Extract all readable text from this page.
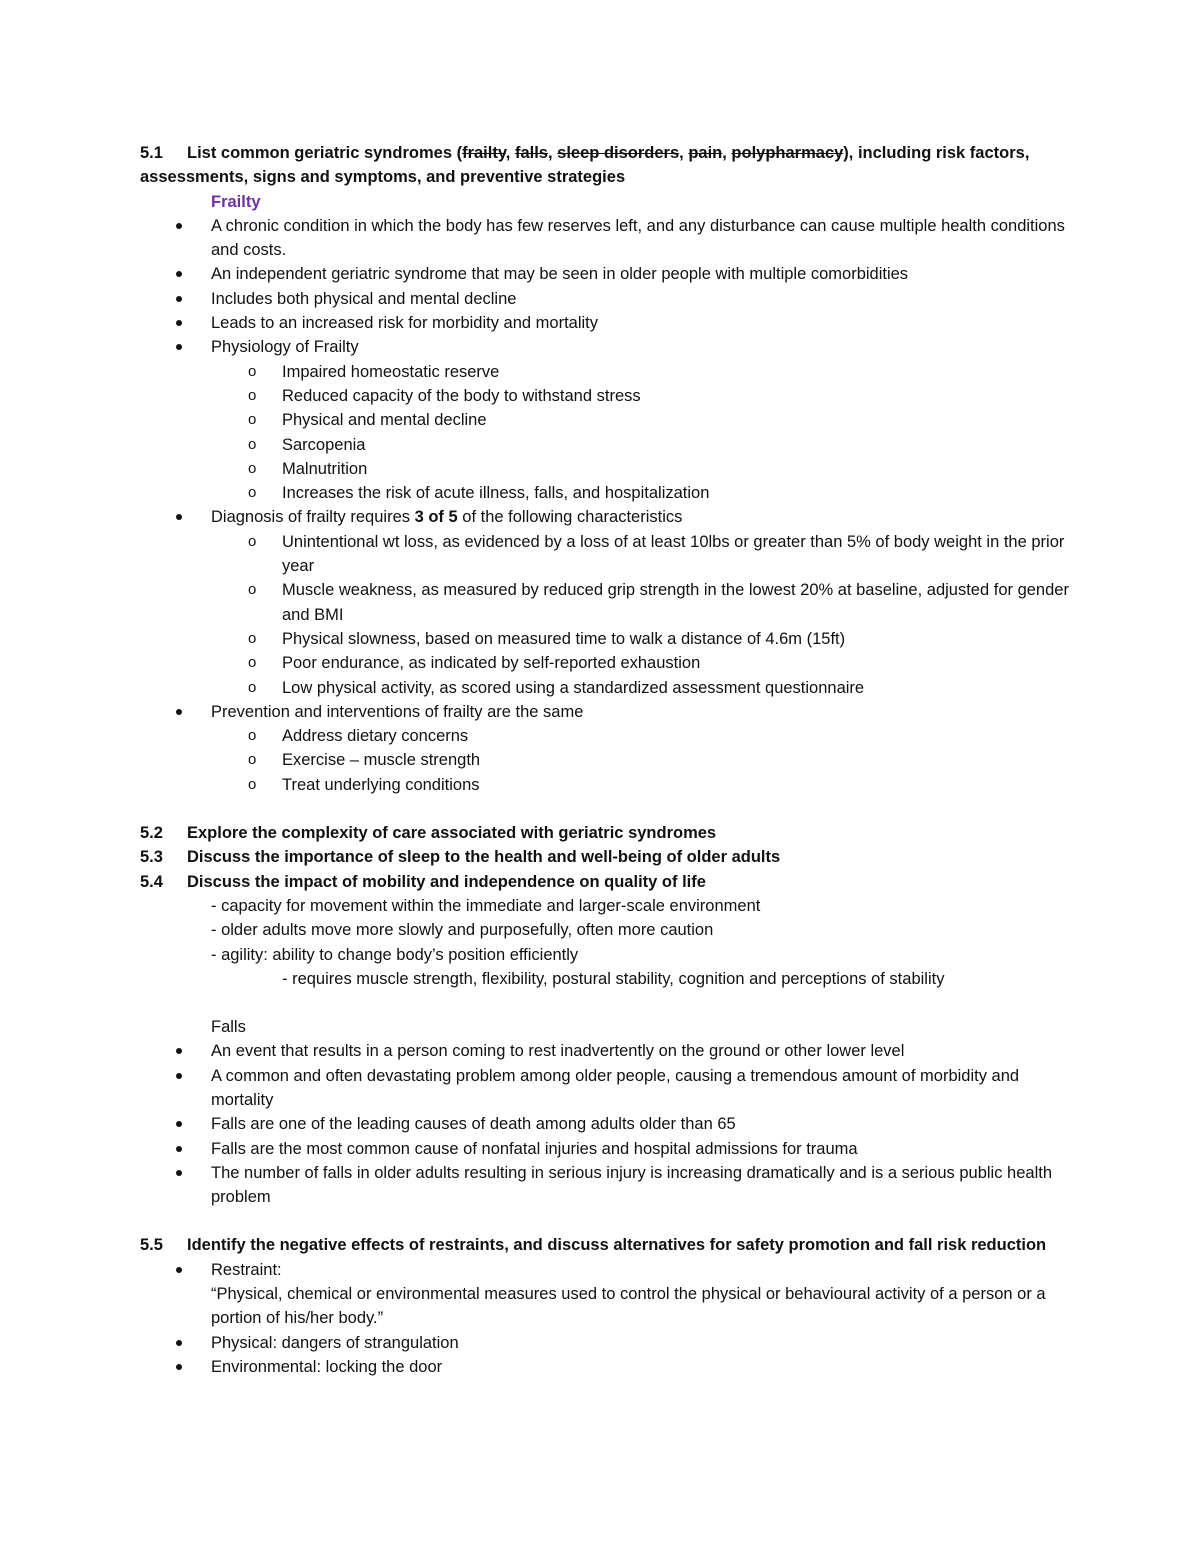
5.1 List common geriatric syndromes (frailty, falls, sleep disorders, pain, polypharmacy), including risk factors, assessments, signs and symptoms, and preventive strategies
Frailty
A chronic condition in which the body has few reserves left, and any disturbance can cause multiple health conditions and costs.
An independent geriatric syndrome that may be seen in older people with multiple comorbidities
Includes both physical and mental decline
Leads to an increased risk for morbidity and mortality
Physiology of Frailty
o Impaired homeostatic reserve
o Reduced capacity of the body to withstand stress
o Physical and mental decline
o Sarcopenia
o Malnutrition
o Increases the risk of acute illness, falls, and hospitalization
Diagnosis of frailty requires 3 of 5 of the following characteristics
o Unintentional wt loss, as evidenced by a loss of at least 10lbs or greater than 5% of body weight in the prior year
o Muscle weakness, as measured by reduced grip strength in the lowest 20% at baseline, adjusted for gender and BMI
o Physical slowness, based on measured time to walk a distance of 4.6m (15ft)
o Poor endurance, as indicated by self-reported exhaustion
o Low physical activity, as scored using a standardized assessment questionnaire
Prevention and interventions of frailty are the same
o Address dietary concerns
o Exercise – muscle strength
o Treat underlying conditions
5.2	Explore the complexity of care associated with geriatric syndromes
5.3	Discuss the importance of sleep to the health and well-being of older adults
5.4	Discuss the impact of mobility and independence on quality of life
- capacity for movement within the immediate and larger-scale environment
- older adults move more slowly and purposefully, often more caution
- agility: ability to change body’s position efficiently
- requires muscle strength, flexibility, postural stability, cognition and perceptions of stability
Falls
An event that results in a person coming to rest inadvertently on the ground or other lower level
A common and often devastating problem among older people, causing a tremendous amount of morbidity and mortality
Falls are one of the leading causes of death among adults older than 65
Falls are the most common cause of nonfatal injuries and hospital admissions for trauma
The number of falls in older adults resulting in serious injury is increasing dramatically and is a serious public health problem
5.5 Identify the negative effects of restraints, and discuss alternatives for safety promotion and fall risk reduction
Restraint:
“Physical, chemical or environmental measures used to control the physical or behavioural activity of a person or a portion of his/her body.”
Physical: dangers of strangulation
Environmental: locking the door
